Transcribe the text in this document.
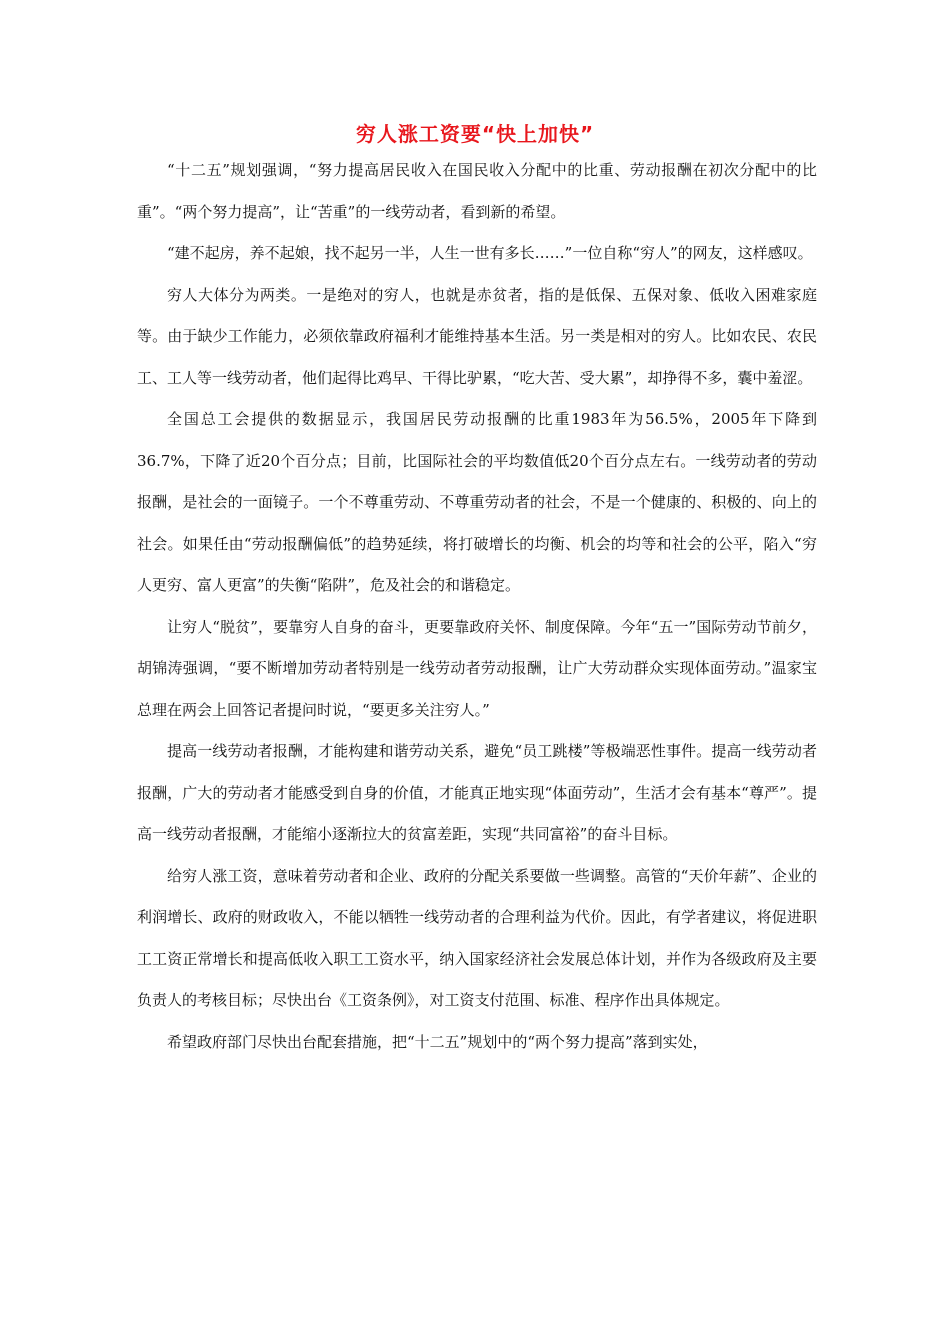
穷人涨工资要“快上加快”

“十二五”规划强调，“努力提高居民收入在国民收入分配中的比重、劳动报酬在初次分配中的比重”。“两个努力提高”，让“苦重”的一线劳动者，看到新的希望。

“建不起房，养不起娘，找不起另一半，人生一世有多长……”一位自称“穷人”的网友，这样感叹。

穷人大体分为两类。一是绝对的穷人，也就是赤贫者，指的是低保、五保对象、低收入困难家庭等。由于缺少工作能力，必须依靠政府福利才能维持基本生活。另一类是相对的穷人。比如农民、农民工、工人等一线劳动者，他们起得比鸡早、干得比驴累，“吃大苦、受大累”，却挣得不多，囊中羞涩。

全国总工会提供的数据显示，我国居民劳动报酬的比重1983年为56.5%，2005年下降到36.7%，下降了近20个百分点；目前，比国际社会的平均数值低20个百分点左右。一线劳动者的劳动报酬，是社会的一面镜子。一个不尊重劳动、不尊重劳动者的社会，不是一个健康的、积极的、向上的社会。如果任由“劳动报酬偏低”的趋势延续，将打破增长的均衡、机会的均等和社会的公平，陷入“穷人更穷、富人更富”的失衡“陷阱”，危及社会的和谐稳定。

让穷人“脱贫”，要靠穷人自身的奋斗，更要靠政府关怀、制度保障。今年“五一”国际劳动节前夕，胡锦涛强调，“要不断增加劳动者特别是一线劳动者劳动报酬，让广大劳动群众实现体面劳动。”温家宝总理在两会上回答记者提问时说，“要更多关注穷人。”

提高一线劳动者报酬，才能构建和谐劳动关系，避免“员工跳楼”等极端恶性事件。提高一线劳动者报酬，广大的劳动者才能感受到自身的价值，才能真正地实现“体面劳动”，生活才会有基本“尊严”。提高一线劳动者报酬，才能缩小逐渐拉大的贫富差距，实现“共同富裕”的奋斗目标。

给穷人涨工资，意味着劳动者和企业、政府的分配关系要做一些调整。高管的“天价年薪”、企业的利润增长、政府的财政收入，不能以牺牲一线劳动者的合理利益为代价。因此，有学者建议，将促进职工工资正常增长和提高低收入职工工资水平，纳入国家经济社会发展总体计划，并作为各级政府及主要负责人的考核目标；尽快出台《工资条例》，对工资支付范围、标准、程序作出具体规定。

希望政府部门尽快出台配套措施，把“十二五”规划中的“两个努力提高”落到实处，
